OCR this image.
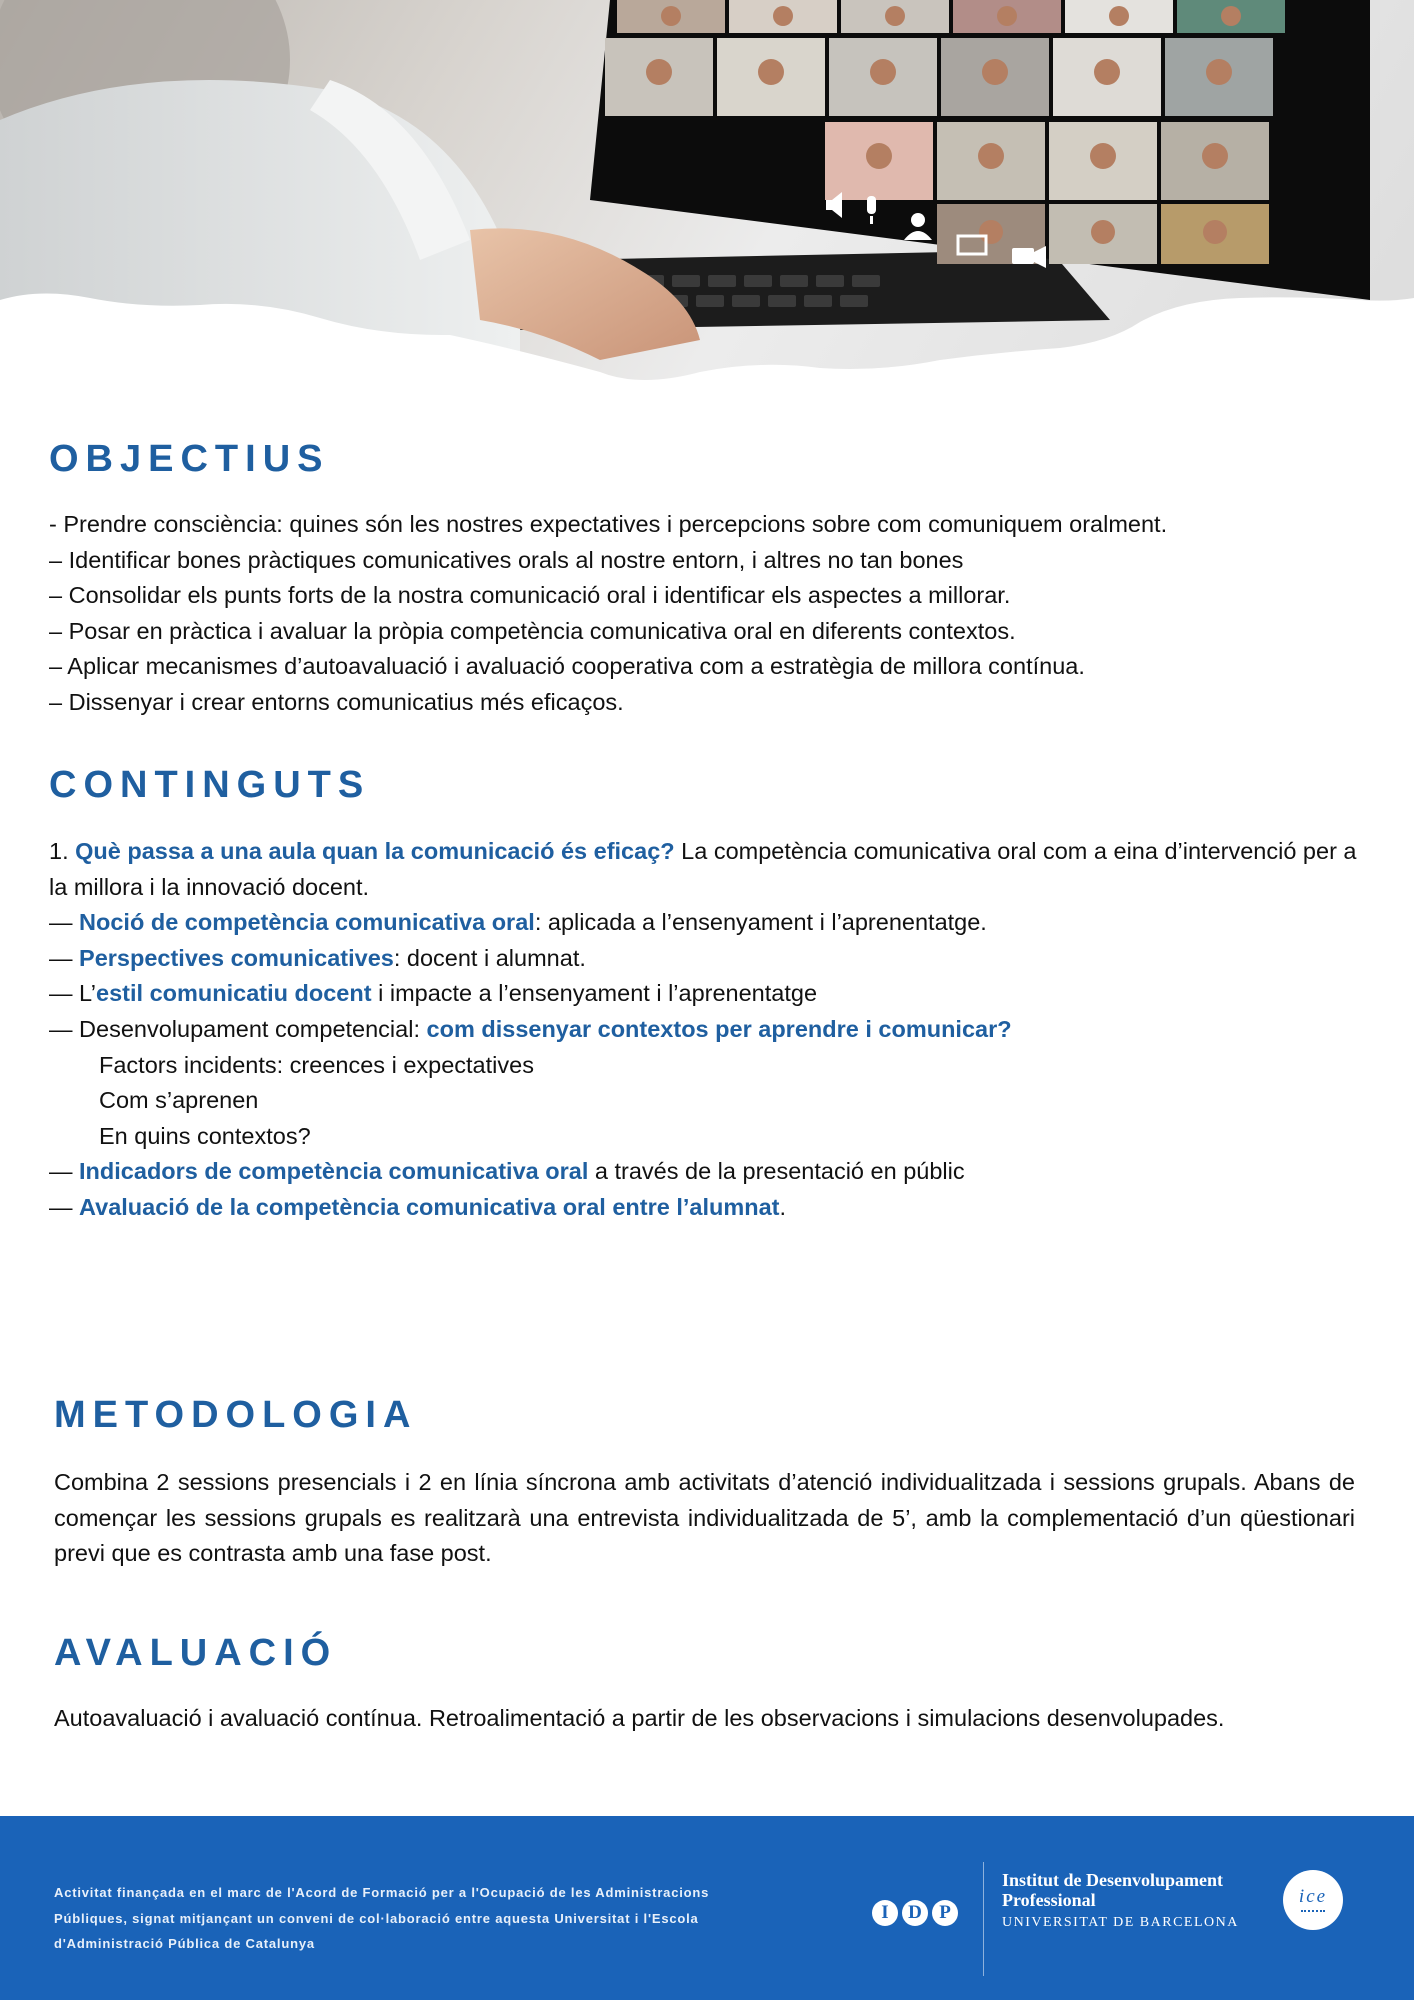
OBJECTIUS
- Prendre consciència: quines són les nostres expectatives i percepcions sobre com comuniquem oralment.
– Identificar bones pràctiques comunicatives orals al nostre entorn, i altres no tan bones
– Consolidar els punts forts de la nostra comunicació oral i identificar els aspectes a millorar.
– Posar en pràctica i avaluar la pròpia competència comunicativa oral en diferents contextos.
– Aplicar mecanismes d’autoavaluació i avaluació cooperativa com a estratègia de millora contínua.
– Dissenyar i crear entorns comunicatius més eficaços.
CONTINGUTS
1. Què passa a una aula quan la comunicació és eficaç? La competència comunicativa oral com a eina d’intervenció per a la millora i la innovació docent.
— Noció de competència comunicativa oral: aplicada a l’ensenyament i l’aprenentatge.
— Perspectives comunicatives: docent i alumnat.
— L’estil comunicatiu docent i impacte a l’ensenyament i l’aprenentatge
— Desenvolupament competencial: com dissenyar contextos per aprendre i comunicar?
Factors incidents: creences i expectatives
Com s’aprenen
En quins contextos?
— Indicadors de competència comunicativa oral a través de la presentació en públic
— Avaluació de la competència comunicativa oral entre l’alumnat.
METODOLOGIA
Combina 2 sessions presencials i 2 en línia síncrona amb activitats d’atenció individualitzada i sessions grupals. Abans de començar les sessions grupals es realitzarà una entrevista individualitzada de 5’, amb la complementació d’un qüestionari previ que es contrasta amb una fase post.
AVALUACIÓ
Autoavaluació i avaluació contínua. Retroalimentació a partir de les observacions i simulacions desenvolupades.
Activitat finançada en el marc de l'Acord de Formació per a l'Ocupació de les Administracions Públiques, signat mitjançant un conveni de col·laboració entre aquesta Universitat i l'Escola d'Administració Pública de Catalunya
I	D P
Institut de Desenvolupament
Professional
UNIVERSITAT DE BARCELONA
ice
